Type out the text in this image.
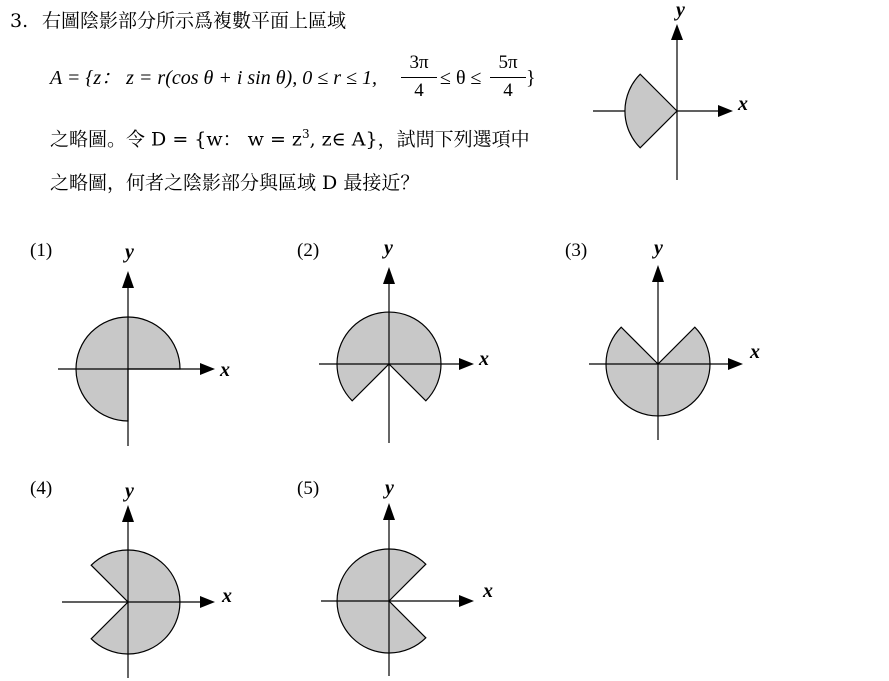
3. 右圖陰影部分所示爲複數平面上區域
A = {z： z = r(cos θ + i sin θ), 0 ≤ r ≤ 1,
3π
4
≤ θ ≤
5π
4
}
之略圖。令 D = {w： $w = z^3$, z∈ A}，試問下列選項中
之略圖，何者之陰影部分與區域 D 最接近？
x
y
(1)	(2)	(3)
(4)	(5)
x
y
x
y
x
y
x
y
x
y
